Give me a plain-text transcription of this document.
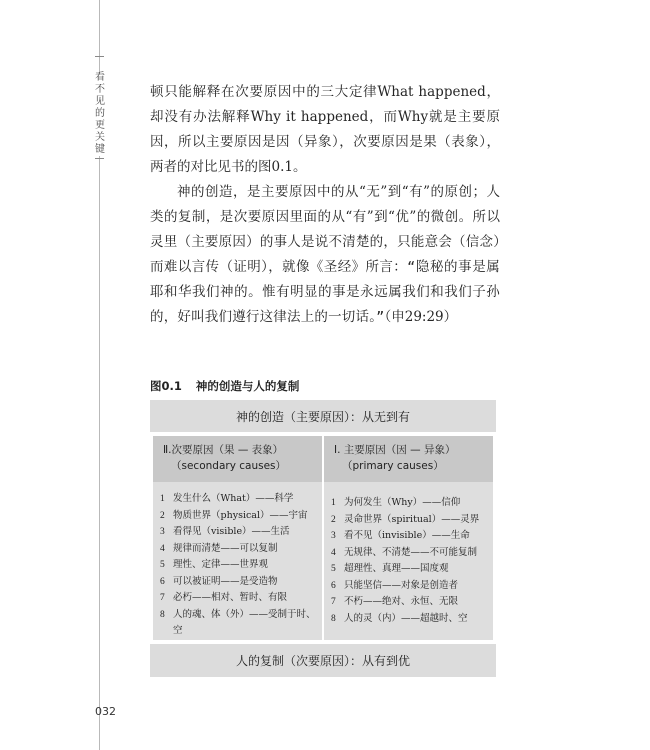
看不见的更关键

顿只能解释在次要原因中的三大定律What happened，却没有办法解释Why it happened，而Why就是主要原因，所以主要原因是因（异象），次要原因是果（表象），两者的对比见书的图0.1。

神的创造，是主要原因中的从“无”到“有”的原创；人类的复制，是次要原因里面的从“有”到“优”的微创。所以灵里（主要原因）的事人是说不清楚的，只能意会（信念）而难以言传（证明），就像《圣经》所言：“隐秘的事是属耶和华我们神的。惟有明显的事是永远属我们和我们子孙的，好叫我们遵行这律法上的一切话。”（申29:29）

图0.1 神的创造与人的复制
神的创造（主要原因）：从无到有
Ⅱ.次要原因（果 — 表象）
（secondary causes）
1 发生什么（What）——科学
2 物质世界（physical）——宇宙
3 看得见（visible）——生活
4 规律而清楚——可以复制
5 理性、定律——世界观
6 可以被证明——是受造物
7 必朽——相对、暂时、有限
8 人的魂、体（外）——受制于时、空
Ⅰ. 主要原因（因 — 异象）
（primary causes）
1 为何发生（Why）——信仰
2 灵命世界（spiritual）——灵界
3 看不见（invisible）——生命
4 无规律、不清楚——不可能复制
5 超理性、真理——国度观
6 只能坚信——对象是创造者
7 不朽——绝对、永恒、无限
8 人的灵（内）——超越时、空
人的复制（次要原因）：从有到优
032
